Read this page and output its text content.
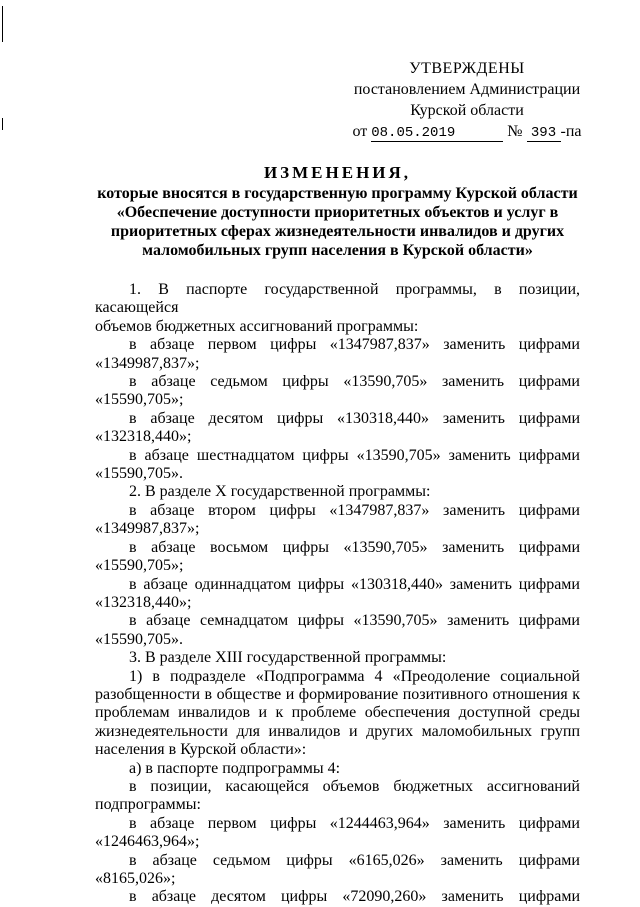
УТВЕРЖДЕНЫ
постановлением Администрации
Курской области
от 08.05.2019	№ 393 -па
ИЗМЕНЕНИЯ,
которые вносятся в государственную программу Курской области
«Обеспечение доступности приоритетных объектов и услуг в
приоритетных сферах жизнедеятельности инвалидов и других
маломобильных групп населения в Курской области»
1. В паспорте государственной программы, в позиции, касающейся
объемов бюджетных ассигнований программы:
в абзаце первом цифры «1347987,837» заменить цифрами
«1349987,837»;
в абзаце седьмом цифры «13590,705» заменить цифрами
«15590,705»;
в абзаце десятом цифры «130318,440» заменить цифрами
«132318,440»;
в абзаце шестнадцатом цифры «13590,705» заменить цифрами
«15590,705».
2. В разделе X государственной программы:
в абзаце втором цифры «1347987,837» заменить цифрами
«1349987,837»;
в абзаце восьмом цифры «13590,705» заменить цифрами
«15590,705»;
в абзаце одиннадцатом цифры «130318,440» заменить цифрами
«132318,440»;
в абзаце семнадцатом цифры «13590,705» заменить цифрами
«15590,705».
3. В разделе XIII государственной программы:
1) в подразделе «Подпрограмма 4 «Преодоление социальной
разобщенности в обществе и формирование позитивного отношения к
проблемам инвалидов и к проблеме обеспечения доступной среды
жизнедеятельности для инвалидов и других маломобильных групп
населения в Курской области»:
а) в паспорте подпрограммы 4:
в позиции, касающейся объемов бюджетных ассигнований
подпрограммы:
в абзаце первом цифры «1244463,964» заменить цифрами
«1246463,964»;
в абзаце седьмом цифры «6165,026» заменить цифрами «8165,026»;
в абзаце десятом цифры «72090,260» заменить цифрами
